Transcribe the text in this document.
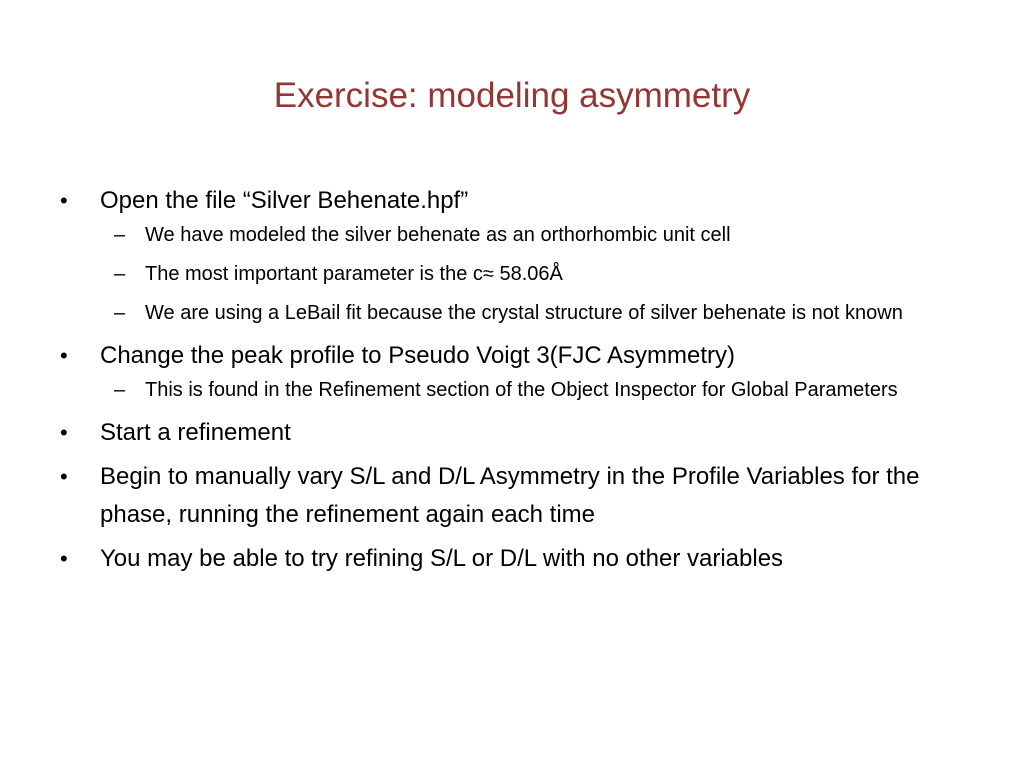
Exercise: modeling asymmetry
• Open the file “Silver Behenate.hpf”
– We have modeled the silver behenate as an orthorhombic unit cell
– The most important parameter is the c≈ 58.06Å
– We are using a LeBail fit because the crystal structure of silver behenate is not known
• Change the peak profile to Pseudo Voigt 3(FJC Asymmetry)
– This is found in the Refinement section of the Object Inspector for Global Parameters
• Start a refinement
• Begin to manually vary S/L and D/L Asymmetry in the Profile Variables for the phase, running the refinement again each time
• You may be able to try refining S/L or D/L with no other variables
